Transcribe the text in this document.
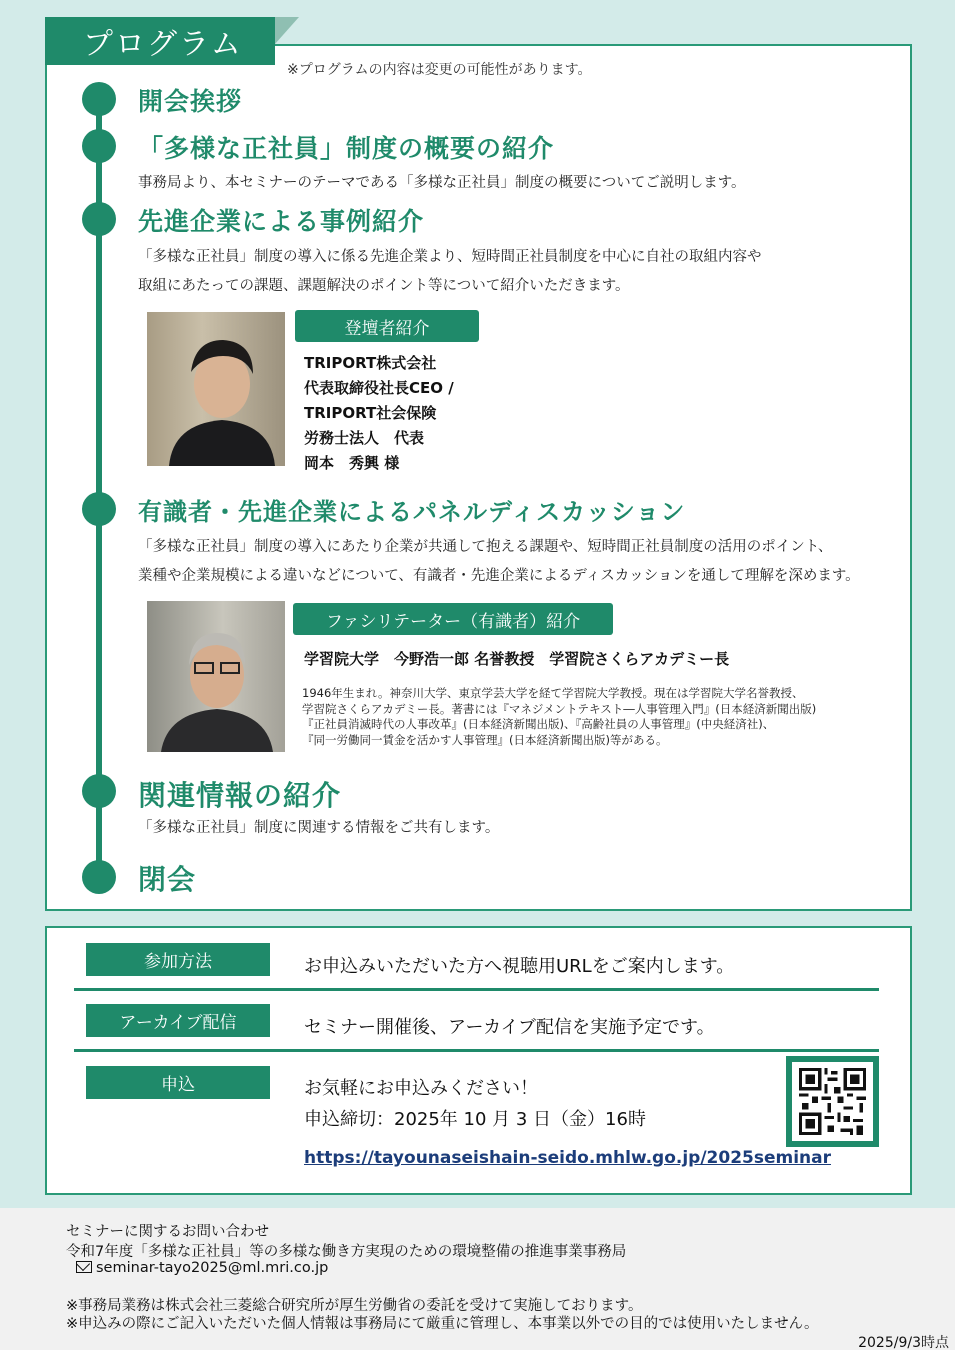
プログラム
※プログラムの内容は変更の可能性があります。
開会挨拶
「多様な正社員」制度の概要の紹介
事務局より、本セミナーのテーマである「多様な正社員」制度の概要についてご説明します。
先進企業による事例紹介
「多様な正社員」制度の導入に係る先進企業より、短時間正社員制度を中心に自社の取組内容や
取組にあたっての課題、課題解決のポイント等について紹介いただきます。
登壇者紹介
TRIPORT株式会社
代表取締役社長CEO /
TRIPORT社会保険
労務士法人　代表
岡本　秀興 様
有識者・先進企業によるパネルディスカッション
「多様な正社員」制度の導入にあたり企業が共通して抱える課題や、短時間正社員制度の活用のポイント、
業種や企業規模による違いなどについて、有識者・先進企業によるディスカッションを通して理解を深めます。
ファシリテーター（有識者）紹介
学習院大学　今野浩一郎 名誉教授　学習院さくらアカデミー長
1946年生まれ。神奈川大学、東京学芸大学を経て学習院大学教授。現在は学習院大学名誉教授、
学習院さくらアカデミー長。著書には『マネジメントテキスト―人事管理入門』(日本経済新聞出版)
『正社員消滅時代の人事改革』(日本経済新聞出版)、『高齢社員の人事管理』(中央経済社)、
『同一労働同一賃金を活かす人事管理』(日本経済新聞出版)等がある。
関連情報の紹介
「多様な正社員」制度に関連する情報をご共有します。
閉会
参加方法	お申込みいただいた方へ視聴用URLをご案内します。
アーカイブ配信	セミナー開催後、アーカイブ配信を実施予定です。
申込	お気軽にお申込みください！
申込締切：2025年 10 月 3 日（金）16時
https://tayounaseishain-seido.mhlw.go.jp/2025seminar
セミナーに関するお問い合わせ
令和7年度「多様な正社員」等の多様な働き方実現のための環境整備の推進事業事務局
seminar-tayo2025@ml.mri.co.jp
※事務局業務は株式会社三菱総合研究所が厚生労働省の委託を受けて実施しております。
※申込みの際にご記入いただいた個人情報は事務局にて厳重に管理し、本事業以外での目的では使用いたしません。
2025/9/3時点
